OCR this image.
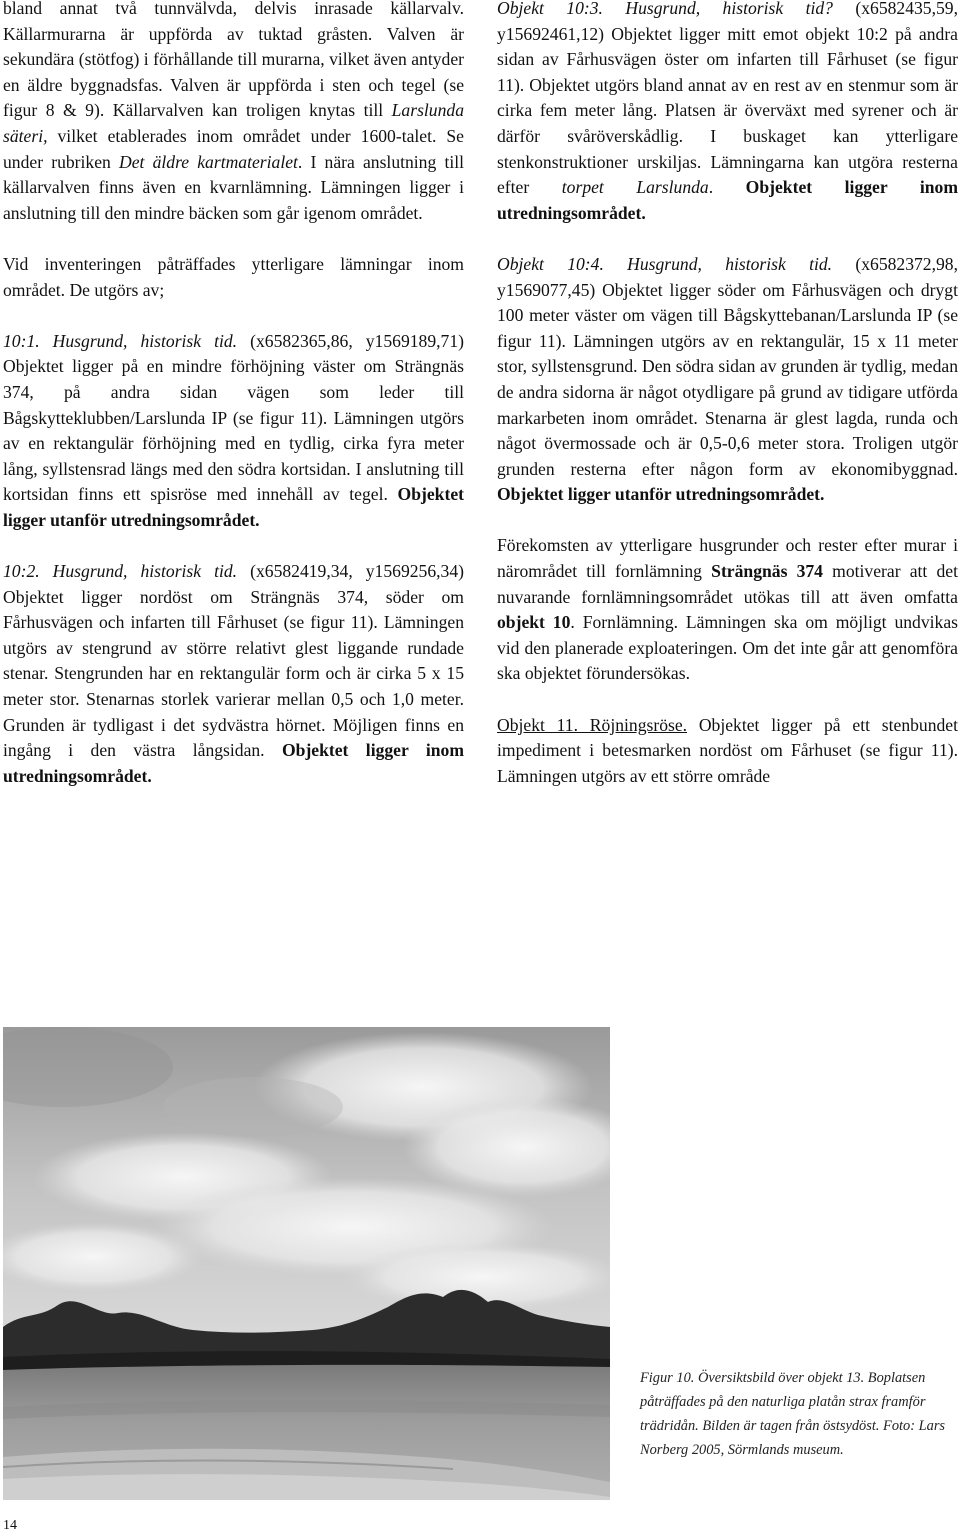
bland annat två tunnvälvda, delvis inrasade källarvalv. Källarmurarna är uppförda av tuktad gråsten. Valven är sekundära (stötfog) i förhållande till murarna, vilket även antyder en äldre byggnadsfas. Valven är uppförda i sten och tegel (se figur 8 & 9). Källarvalven kan troligen knytas till Larslunda säteri, vilket etablerades inom området under 1600-talet. Se under rubriken Det äldre kartmaterialet. I nära anslutning till källarvalven finns även en kvarnlämning. Lämningen ligger i anslutning till den mindre bäcken som går igenom området.

Vid inventeringen påträffades ytterligare lämningar inom området. De utgörs av;

10:1. Husgrund, historisk tid. (x6582365,86, y1569189,71) Objektet ligger på en mindre förhöjning väster om Strängnäs 374, på andra sidan vägen som leder till Bågskytteklubben/Larslunda IP (se figur 11). Lämningen utgörs av en rektangulär förhöjning med en tydlig, cirka fyra meter lång, syllstensrad längs med den södra kortsidan. I anslutning till kortsidan finns ett spisröse med innehåll av tegel. Objektet ligger utanför utredningsområdet.

10:2. Husgrund, historisk tid. (x6582419,34, y1569256,34) Objektet ligger nordöst om Strängnäs 374, söder om Fårhusvägen och infarten till Fårhuset (se figur 11). Lämningen utgörs av stengrund av större relativt glest liggande rundade stenar. Stengrunden har en rektangulär form och är cirka 5 x 15 meter stor. Stenarnas storlek varierar mellan 0,5 och 1,0 meter. Grunden är tydligast i det sydvästra hörnet. Möjligen finns en ingång i den västra långsidan. Objektet ligger inom utredningsområdet.

Objekt 10:3. Husgrund, historisk tid? (x6582435,59, y15692461,12) Objektet ligger mitt emot objekt 10:2 på andra sidan av Fårhusvägen öster om infarten till Fårhuset (se figur 11). Objektet utgörs bland annat av en rest av en stenmur som är cirka fem meter lång. Platsen är överväxt med syrener och är därför svåröverskådlig. I buskaget kan ytterligare stenkonstruktioner urskiljas. Lämningarna kan utgöra resterna efter torpet Larslunda. Objektet ligger inom utredningsområdet.

Objekt 10:4. Husgrund, historisk tid. (x6582372,98, y1569077,45) Objektet ligger söder om Fårhusvägen och drygt 100 meter väster om vägen till Bågskyttebanan/Larslunda IP (se figur 11). Lämningen utgörs av en rektangulär, 15 x 11 meter stor, syllstensgrund. Den södra sidan av grunden är tydlig, medan de andra sidorna är något otydligare på grund av tidigare utförda markarbeten inom området. Stenarna är glest lagda, runda och något övermossade och är 0,5-0,6 meter stora. Troligen utgör grunden resterna efter någon form av ekonomibyggnad. Objektet ligger utanför utredningsområdet.

Förekomsten av ytterligare husgrunder och rester efter murar i närområdet till fornlämning Strängnäs 374 motiverar att det nuvarande fornlämningsområdet utökas till att även omfatta objekt 10. Fornlämning. Lämningen ska om möjligt undvikas vid den planerade exploateringen. Om det inte går att genomföra ska objektet förundersökas.

Objekt 11. Röjningsröse. Objektet ligger på ett stenbundet impediment i betesmarken nordöst om Fårhuset (se figur 11). Lämningen utgörs av ett större område

Figur 10. Översiktsbild över objekt 13. Boplatsen påträffades på den naturliga platån strax framför trädridån. Bilden är tagen från östsydöst. Foto: Lars Norberg 2005, Sörmlands museum.
14
